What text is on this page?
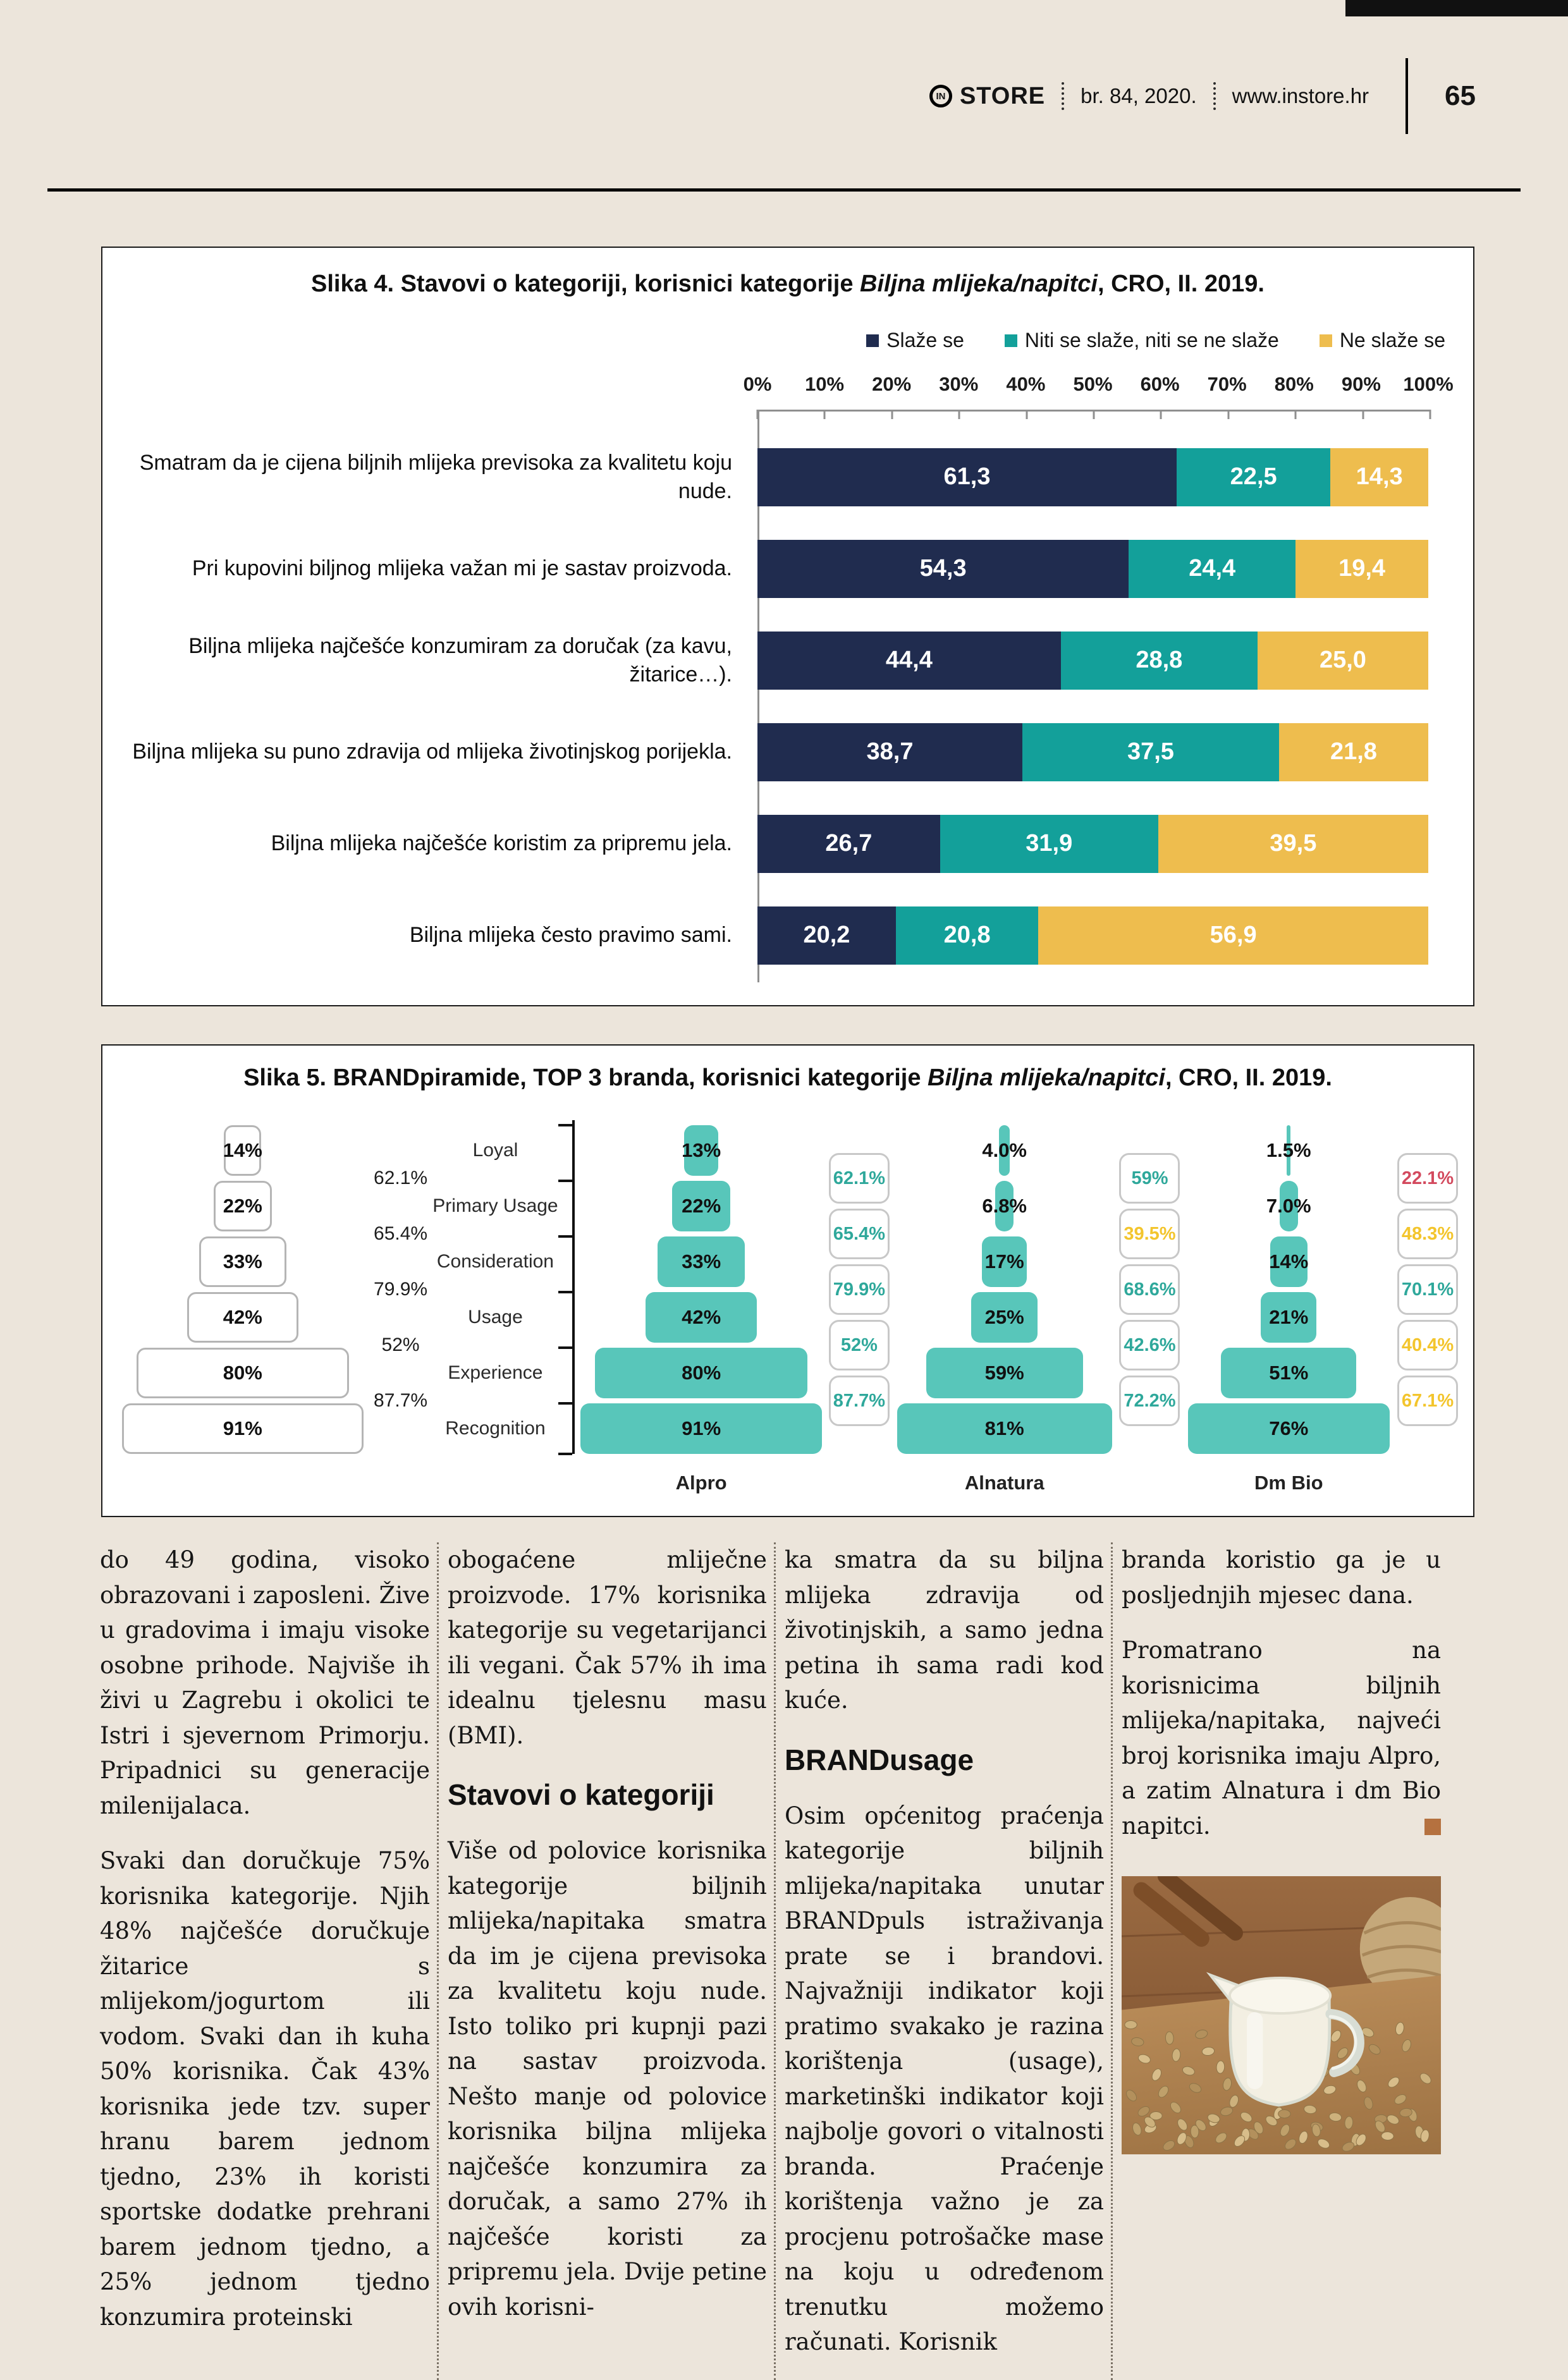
IN STORE br. 84, 2020. www.instore.hr	65
Slika 4. Stavovi o kategoriji, korisnici kategorije Biljna mlijeka/napitci, CRO, II. 2019.
Slaže se	Niti se slaže, niti se ne slaže	Ne slaže se
0% 10% 20% 30% 40% 50% 60% 70% 80% 90% 100%
Smatram da je cijena biljnih mlijeka previsoka za kvalitetu koju nude.
61,3	22,5	14,3
Pri kupovini biljnog mlijeka važan mi je sastav proizvoda.	54,3	24,4	19,4
Biljna mlijeka najčešće konzumiram za doručak (za kavu, žitarice…).
44,4	28,8	25,0
Biljna mlijeka su puno zdravija od mlijeka životinjskog porijekla.	38,7	37,5	21,8
Biljna mlijeka najčešće koristim za pripremu jela.	26,7	31,9	39,5
Biljna mlijeka često pravimo sami.	20,2	20,8	56,9
Slika 5. BRANDpiramide, TOP 3 branda, korisnici kategorije Biljna mlijeka/napitci, CRO, II. 2019.
14%
22%
33%
42%
80%
91%
62.1%
65.4%
79.9%
52%
87.7%
Loyal
Primary Usage
Consideration
Usage
Experience
Recognition
13%
22%
33%
42%
80%
91%
Alpro
62.1%
65.4%
79.9%
52%
87.7%
4.0%
6.8%
17%
25%
59%
81%
Alnatura
59%
39.5%
68.6%
42.6%
72.2%
1.5%
7.0%
14%
21%
51%
76%
Dm Bio
22.1%
48.3%
70.1%
40.4%
67.1%

do 49 godina, visoko obrazovani i zaposleni. Žive u gradovima i imaju visoke osobne prihode. Najviše ih živi u Zagrebu i okolici te Istri i sjevernom Primorju. Pripadnici su generacije milenijalaca.

Svaki dan doručkuje 75% korisnika kategorije. Njih 48% najčešće doručkuje žitarice s mlijekom/jogurtom ili vodom. Svaki dan ih kuha 50% korisnika. Čak 43% korisnika jede tzv. super hranu barem jednom tjedno, 23% ih koristi sportske dodatke prehrani barem jednom tjedno, a 25% jednom tjedno konzumira proteinski

obogaćene mliječne proizvode. 17% korisnika kategorije su vegetarijanci ili vegani. Čak 57% ih ima idealnu tjelesnu masu (BMI).

Stavovi o kategoriji

Više od polovice korisnika kategorije biljnih mlijeka/napitaka smatra da im je cijena previsoka za kvalitetu koju nude. Isto toliko pri kupnji pazi na sastav proizvoda. Nešto manje od polovice korisnika biljna mlijeka najčešće konzumira za doručak, a samo 27% ih najčešće koristi za pripremu jela. Dvije petine ovih korisni-

ka smatra da su biljna mlijeka zdravija od životinjskih, a samo jedna petina ih sama radi kod kuće.

BRANDusage

Osim općenitog praćenja kategorije biljnih mlijeka/napitaka unutar BRANDpuls istraživanja prate se i brandovi. Najvažniji indikator koji pratimo svakako je razina korištenja (usage), marketinški indikator koji najbolje govori o vitalnosti branda. Praćenje korištenja važno je za procjenu potrošačke mase na koju u određenom trenutku možemo računati. Korisnik

branda koristio ga je u posljednjih mjesec dana.

Promatrano na korisnicima biljnih mlijeka/napitaka, najveći broj korisnika imaju Alpro, a zatim Alnatura i dm Bio napitci.
